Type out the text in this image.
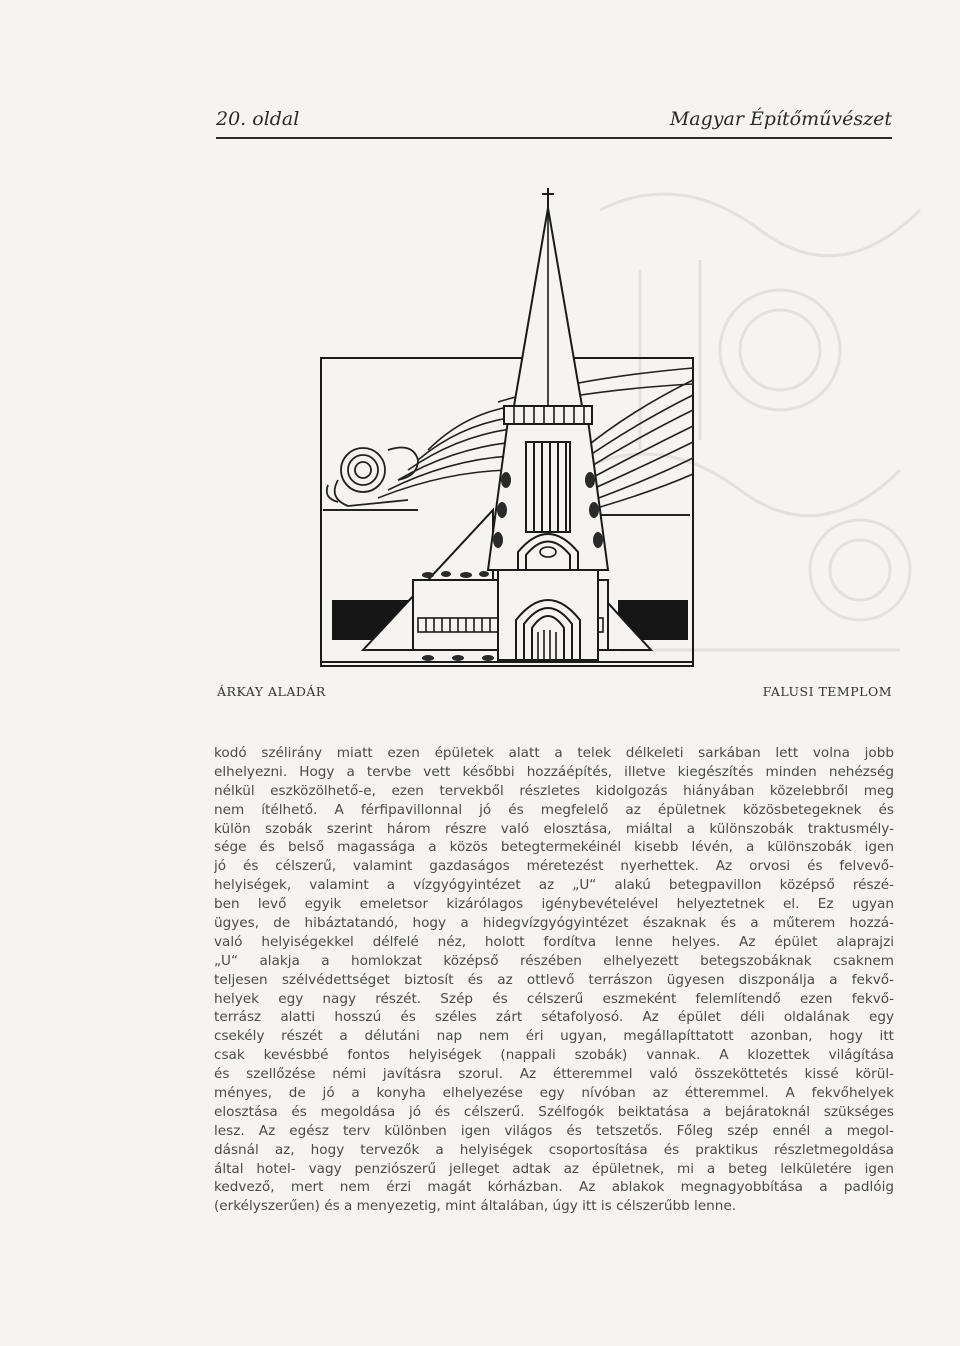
20. oldal	Magyar Építőművészet
ÁRKAY ALADÁR	FALUSI TEMPLOM
kodó szélirány miatt ezen épületek alatt a telek délkeleti sarkában lett volna jobb
elhelyezni. Hogy a tervbe vett későbbi hozzáépítés, illetve kiegészítés minden nehézség
nélkül eszközölhető-e, ezen tervekből részletes kidolgozás hiányában közelebbről meg
nem ítélhető. A férfipavillonnal jó és megfelelő az épületnek közösbetegeknek és
külön szobák szerint három részre való elosztása, miáltal a különszobák traktusmély-
sége és belső magassága a közös betegtermekéinél kisebb lévén, a különszobák igen
jó és célszerű, valamint gazdaságos méretezést nyerhettek. Az orvosi és felvevő-
helyiségek, valamint a vízgyógyintézet az „U“ alakú betegpavillon középső részé-
ben levő egyik emeletsor kizárólagos igénybevételével helyeztetnek el. Ez ugyan
ügyes, de hibáztatandó, hogy a hidegvízgyógyintézet északnak és a műterem hozzá-
való helyiségekkel délfelé néz, holott fordítva lenne helyes. Az épület alaprajzi
„U“ alakja a homlokzat középső részében elhelyezett betegszobáknak csaknem
teljesen szélvédettséget biztosít és az ottlevő terrászon ügyesen diszponálja a fekvő-
helyek egy nagy részét. Szép és célszerű eszmeként felemlítendő ezen fekvő-
terrász alatti hosszú és széles zárt sétafolyosó. Az épület déli oldalának egy
csekély részét a délutáni nap nem éri ugyan, megállapíttatott azonban, hogy itt
csak kevésbbé fontos helyiségek (nappali szobák) vannak. A klozettek világítása
és szellőzése némi javításra szorul. Az étteremmel való összeköttetés kissé körül-
ményes, de jó a konyha elhelyezése egy nívóban az étteremmel. A fekvőhelyek
elosztása és megoldása jó és célszerű. Szélfogók beiktatása a bejáratoknál szükséges
lesz. Az egész terv különben igen világos és tetszetős. Főleg szép ennél a megol-
dásnál az, hogy tervezők a helyiségek csoportosítása és praktikus részletmegoldása
által hotel- vagy penziószerű jelleget adtak az épületnek, mi a beteg lelkületére igen
kedvező, mert nem érzi magát kórházban. Az ablakok megnagyobbítása a padlóig
(erkélyszerűen) és a menyezetig, mint általában, úgy itt is célszerűbb lenne.
